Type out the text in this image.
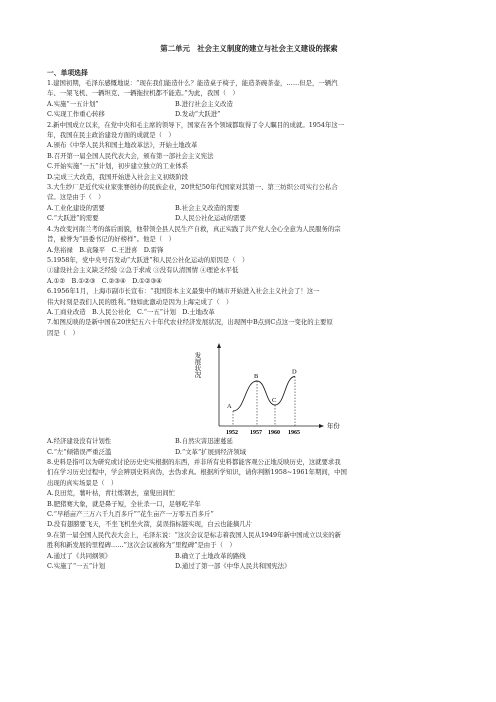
第二单元　社会主义制度的建立与社会主义建设的探索
一、单项选择
1.建国初期，毛泽东感慨地说：“现在我们能造什么？能造桌子椅子，能造茶碗茶壶，……但是，一辆汽
车、一架飞机、一辆坦克、一辆拖拉机都不能造。”为此，我国（　）
A.实施“一五计划”	B.进行社会主义改造
C.实现工作重心转移	D.发动“大跃进”
2.新中国成立以来，在党中央和毛主席的领导下，国家在各个领域都取得了令人瞩目的成就。1954年这一
年，我国在民主政治建设方面的成就是（　）
A.颁布《中华人民共和国土地改革法》，开始土地改革
B.召开第一届全国人民代表大会，颁布第一部社会主义宪法
C.开始实施“一五”计划，初步建立独立的工业体系
D.完成三大改造，我国开始进入社会主义初级阶段
3.大生纱厂是近代实业家张謇创办的民族企业，20世纪50年代国家对其第一、第三纺织公司实行公私合
营。这是由于（　）
A.工业化建设的需要	B.社会主义改造的需要
C.“大跃进”的需要	D.人民公社化运动的需要
4.为改变河南兰考的落后面貌，他带领全县人民生产自救，真正实践了共产党人全心全意为人民服务的宗
旨，被誉为“县委书记的好榜样”。他是（　）
A.焦裕禄　B.袁隆平　C.王进喜　D.雷锋
5.1958年，党中央号召发动“大跃进”和人民公社化运动的原因是（　）
①建设社会主义缺乏经验 ②急于求成 ③没有认清国情 ④理论水平低
A.①②　B.①②③　C.②③④　D.①②③④
6.1956年1月，上海市副市长宣布：“我国资本主义最集中的城市开始进入社会主义社会了！这一
伟大时刻是我们人民的胜利。”他如此激动是因为上海完成了（　）
A.工商业改造　B.人民公社化　C.“一五”计划　D.土地改革
7.如图反映的是新中国在20世纪五六十年代农业经济发展状况，出现图中B点到C点这一变化的主要原
因是（　）
发展状况
年份
A
1952
B
1957
C
1960
D
1965
A.经济建设没有计划性	B.自然灾害迅速蔓延
C.“左”倾错误严重泛滥	D.“文革”扩展到经济领域
8.史料是指可以为研究或讨论历史史实根据的东西，并非所有史料都能客观公正地反映历史，这就要求我
们在学习历史过程中，学会辨别史料真伪，去伪求真。根据所学知识，请你判断1958~1961年期间，中国
出现的真实场景是（　）
A.良田荒，薯叶枯，青壮炼钢去，童叟田间忙
B.肥猪赛大象，就是鼻子短，全社杀一口，足够吃半年
C.“早稻亩产三万六千九百多斤”“花生亩产一万零五百多斤”
D.没有翅膀要飞天，不坐飞机坐火箭，莫误指标链实现，白云也能摘几片
9.在第一届全国人民代表大会上，毛泽东说：“这次会议是标志着我国人民从1949年新中国成立以来的新
胜利和新发展的里程碑……”这次会议被称为“里程碑”是由于（　）
A.通过了《共同纲领》	B.确立了土地改革的路线
C.实施了“一五”计划	D.通过了第一部《中华人民共和国宪法》
